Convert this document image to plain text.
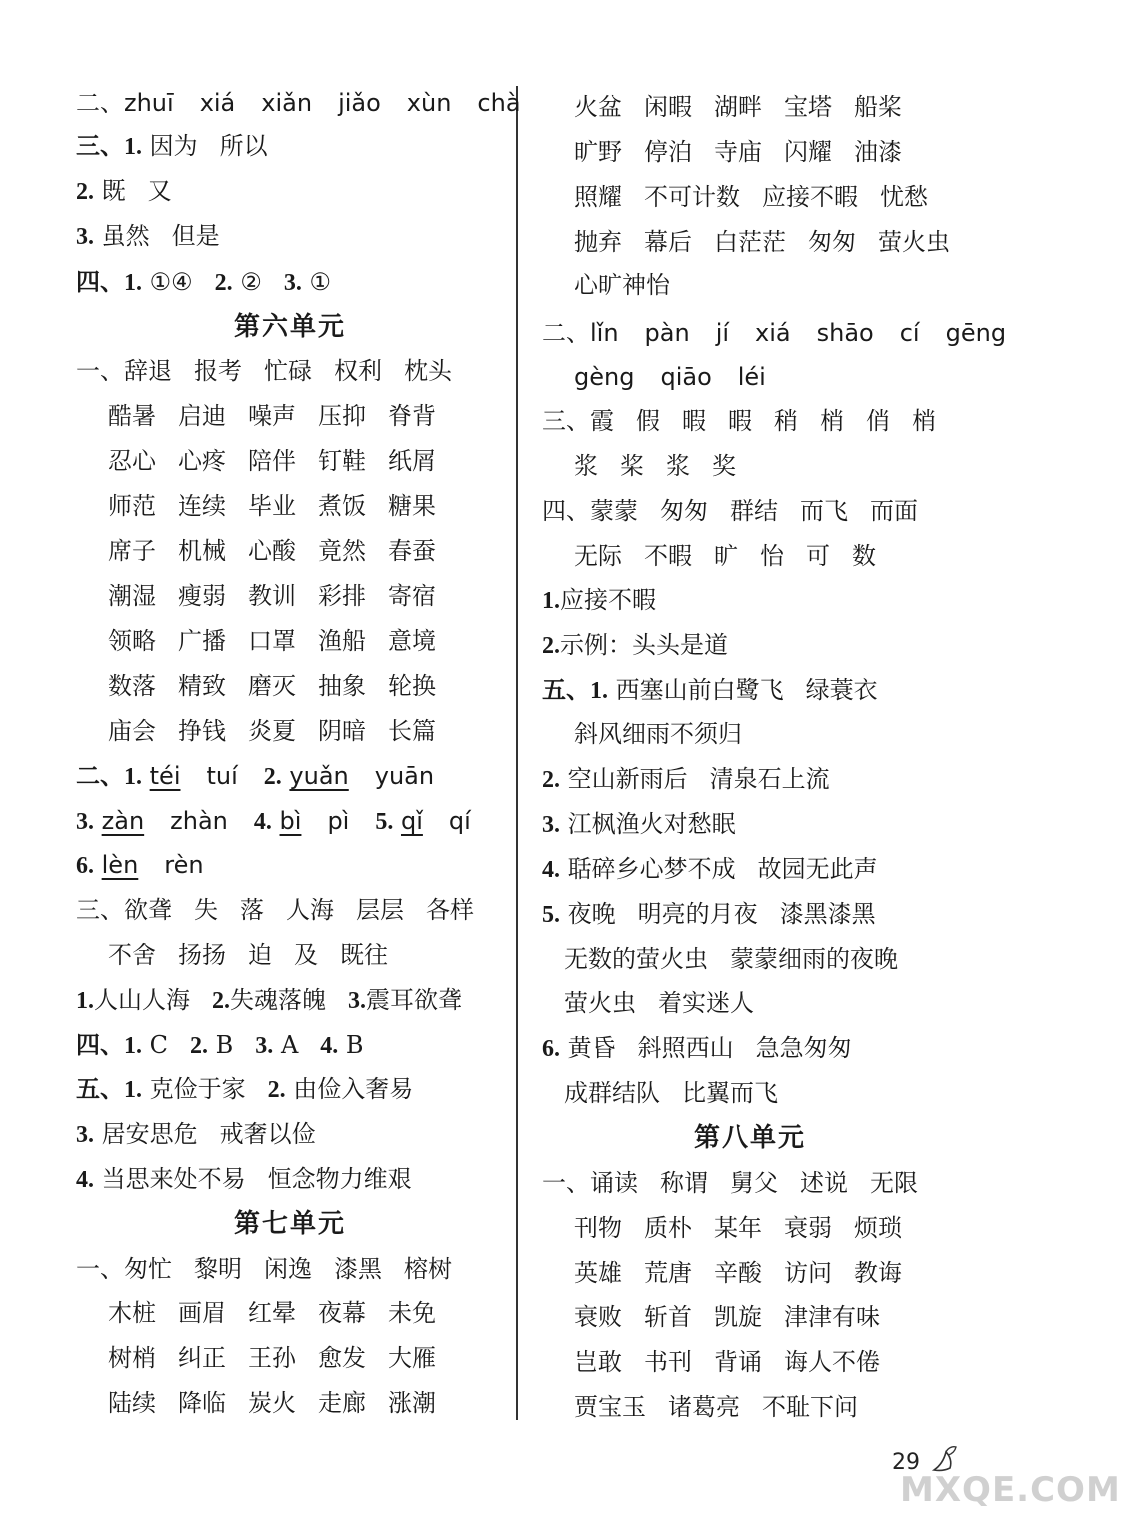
二、zhuī xiá xiǎn jiǎo xùn chà
三、1. 因为 所以
2. 既 又
3. 虽然 但是
四、1. ①④ 2. ② 3. ①
第六单元
一、辞退 报考 忙碌 权利 枕头
酷暑 启迪 噪声 压抑 脊背
忍心 心疼 陪伴 钉鞋 纸屑
师范 连续 毕业 煮饭 糖果
席子 机械 心酸 竟然 春蚕
潮湿 瘦弱 教训 彩排 寄宿
领略 广播 口罩 渔船 意境
数落 精致 磨灭 抽象 轮换
庙会 挣钱 炎夏 阴暗 长篇
二、1. téi tuí 2. yuǎn yuān
3. zàn zhàn 4. bì pì 5. qǐ qí
6. lèn rèn
三、欲聋 失 落 人海 层层 各样
不舍 扬扬 迫 及 既往
1.人山人海 2.失魂落魄 3.震耳欲聋
四、1. C 2. B 3. A 4. B
五、1. 克俭于家 2. 由俭入奢易
3. 居安思危 戒奢以俭
4. 当思来处不易 恒念物力维艰
第七单元
一、匆忙 黎明 闲逸 漆黑 榕树
木桩 画眉 红晕 夜幕 未免
树梢 纠正 王孙 愈发 大雁
陆续 降临 炭火 走廊 涨潮
火盆 闲暇 湖畔 宝塔 船桨
旷野 停泊 寺庙 闪耀 油漆
照耀 不可计数 应接不暇 忧愁
抛弃 幕后 白茫茫 匆匆 萤火虫
心旷神怡
二、lǐn pàn jí xiá shāo cí gēng
gèng qiāo léi
三、霞 假 暇 暇 稍 梢 俏 梢
浆 桨 浆 奖
四、蒙蒙 匆匆 群结 而飞 而面
无际 不暇 旷 怡 可 数
1.应接不暇
2.示例：头头是道
五、1. 西塞山前白鹭飞 绿蓑衣
斜风细雨不须归
2. 空山新雨后 清泉石上流
3. 江枫渔火对愁眠
4. 聒碎乡心梦不成 故园无此声
5. 夜晚 明亮的月夜 漆黑漆黑
无数的萤火虫 蒙蒙细雨的夜晚
萤火虫 着实迷人
6. 黄昏 斜照西山 急急匆匆
成群结队 比翼而飞
第八单元
一、诵读 称谓 舅父 述说 无限
刊物 质朴 某年 衰弱 烦琐
英雄 荒唐 辛酸 访问 教诲
衰败 斩首 凯旋 津津有味
岂敢 书刊 背诵 诲人不倦
贾宝玉 诸葛亮 不耻下问
29
MXQE.COM
